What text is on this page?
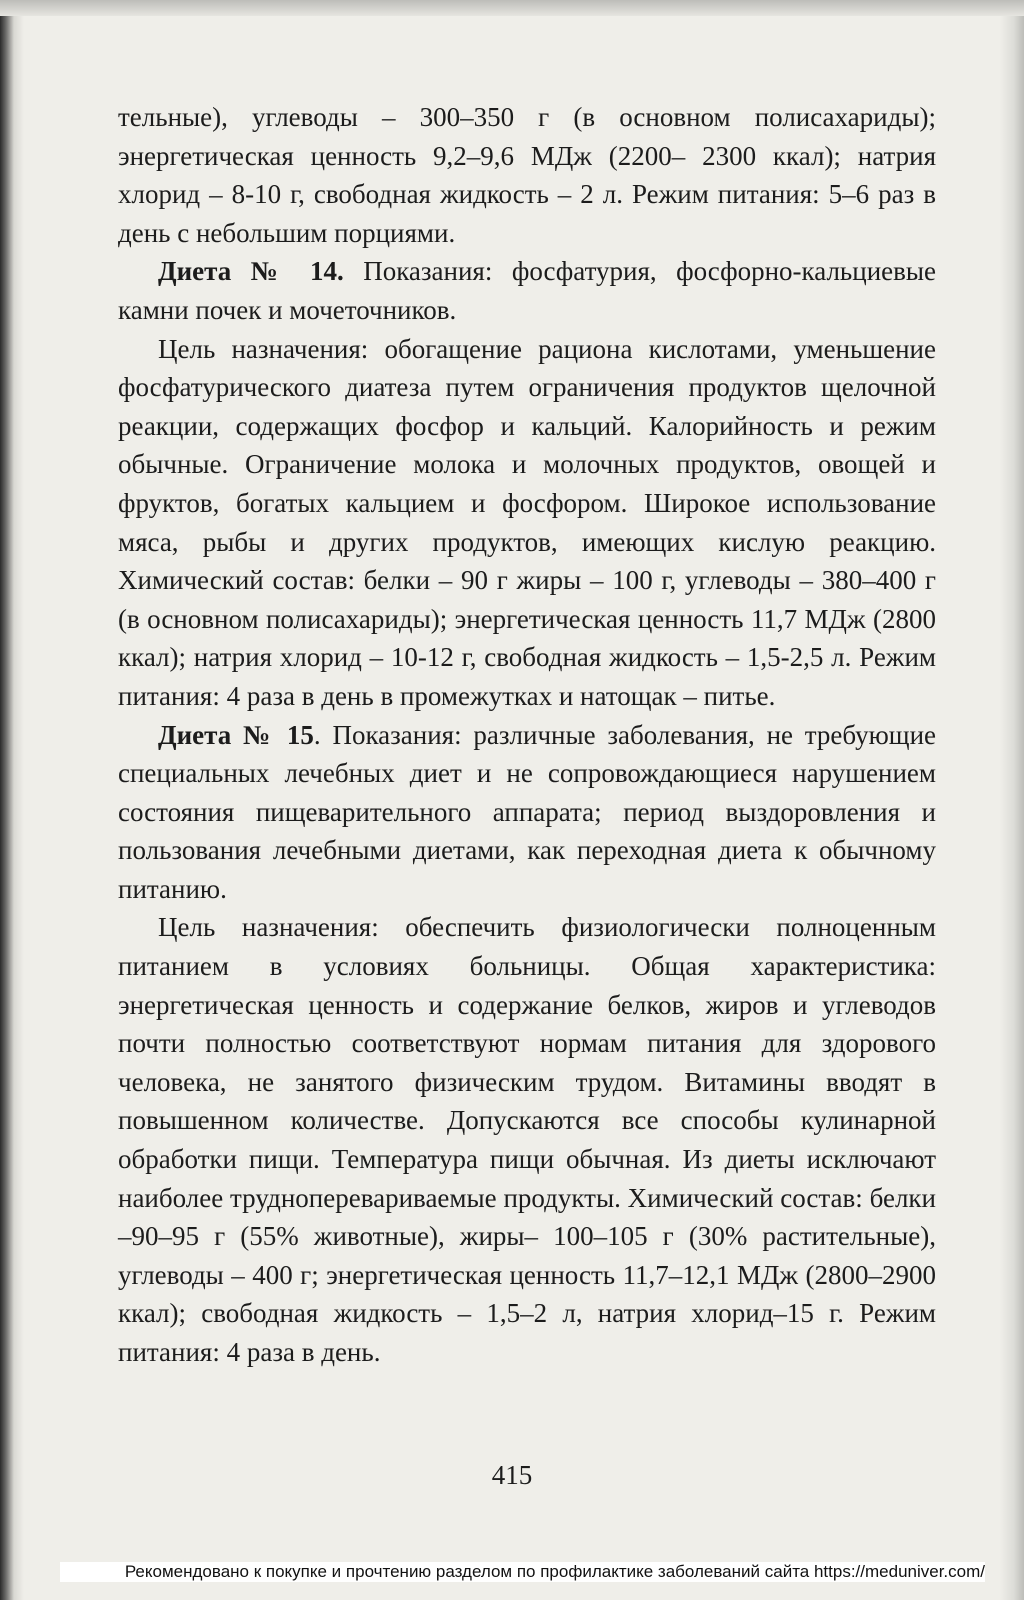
тельные), углеводы – 300–350 г (в основном полисахариды); энергетическая ценность 9,2–9,6 МДж (2200– 2300 ккал); натрия хлорид – 8-10 г, свободная жидкость – 2 л. Режим питания: 5–6 раз в день с небольшим порциями.

Диета № 14. Показания: фосфатурия, фосфорно-кальциевые камни почек и мочеточников.

Цель назначения: обогащение рациона кислотами, уменьшение фосфатурического диатеза путем ограничения продуктов щелочной реакции, содержащих фосфор и кальций. Калорийность и режим обычные. Ограничение молока и молочных продуктов, овощей и фруктов, богатых кальцием и фосфором. Широкое использование мяса, рыбы и других продуктов, имеющих кислую реакцию. Химический состав: белки – 90 г жиры – 100 г, углеводы – 380–400 г (в основном полисахариды); энергетическая ценность 11,7 МДж (2800 ккал); натрия хлорид – 10-12 г, свободная жидкость – 1,5-2,5 л. Режим питания: 4 раза в день в промежутках и натощак – питье.

Диета № 15. Показания: различные заболевания, не требующие специальных лечебных диет и не сопровождающиеся нарушением состояния пищеварительного аппарата; период выздоровления и пользования лечебными диетами, как переходная диета к обычному питанию.

Цель назначения: обеспечить физиологически полноценным питанием в условиях больницы. Общая характеристика: энергетическая ценность и содержание белков, жиров и углеводов почти полностью соответствуют нормам питания для здорового человека, не занятого физическим трудом. Витамины вводят в повышенном количестве. Допускаются все способы кулинарной обработки пищи. Температура пищи обычная. Из диеты исключают наиболее трудноперевариваемые продукты. Химический состав: белки –90–95 г (55% животные), жиры– 100–105 г (30% растительные), углеводы – 400 г; энергетическая ценность 11,7–12,1 МДж (2800–2900 ккал); свободная жидкость – 1,5–2 л, натрия хлорид–15 г. Режим питания: 4 раза в день.

415
Рекомендовано к покупке и прочтению разделом по профилактике заболеваний сайта https://meduniver.com/
